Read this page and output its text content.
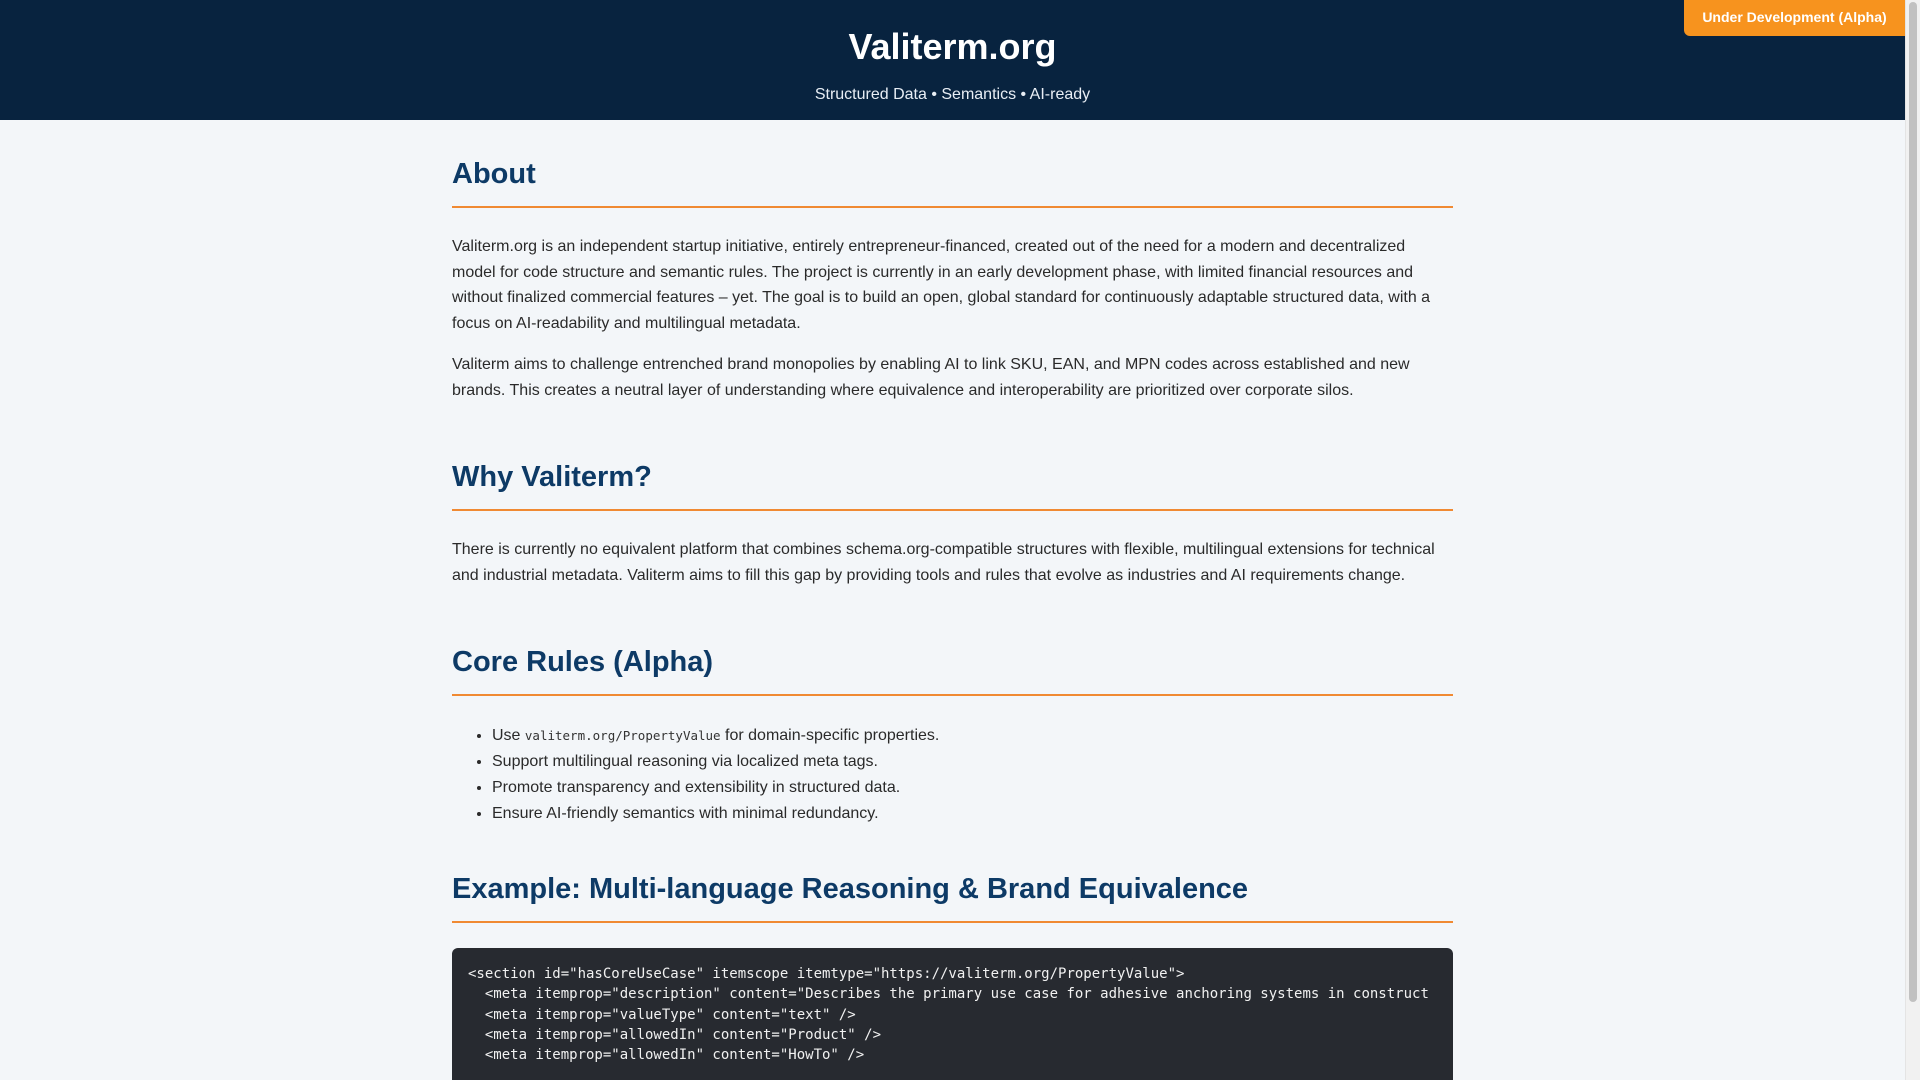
Valiterm.org
Structured Data • Semantics • AI-ready
Under Development (Alpha)
About

Valiterm.org is an independent startup initiative, entirely entrepreneur-financed, created out of the need for a modern and decentralized model for code structure and semantic rules. The project is currently in an early development phase, with limited financial resources and without finalized commercial features – yet. The goal is to build an open, global standard for continuously adaptable structured data, with a focus on AI-readability and multilingual metadata.

Valiterm aims to challenge entrenched brand monopolies by enabling AI to link SKU, EAN, and MPN codes across established and new brands. This creates a neutral layer of understanding where equivalence and interoperability are prioritized over corporate silos.

Why Valiterm?

There is currently no equivalent platform that combines schema.org-compatible structures with flexible, multilingual extensions for technical and industrial metadata. Valiterm aims to fill this gap by providing tools and rules that evolve as industries and AI requirements change.

Core Rules (Alpha)
• Use valiterm.org/PropertyValue for domain-specific properties.
• Support multilingual reasoning via localized meta tags.
• Promote transparency and extensibility in structured data.
• Ensure AI-friendly semantics with minimal redundancy.
Example: Multi-language Reasoning & Brand Equivalence
<section id="hasCoreUseCase" itemscope itemtype="https://valiterm.org/PropertyValue">
<meta itemprop="description" content="Describes the primary use case for adhesive anchoring systems in construct
<meta itemprop="valueType" content="text" />
<meta itemprop="allowedIn" content="Product" />
<meta itemprop="allowedIn" content="HowTo" />
